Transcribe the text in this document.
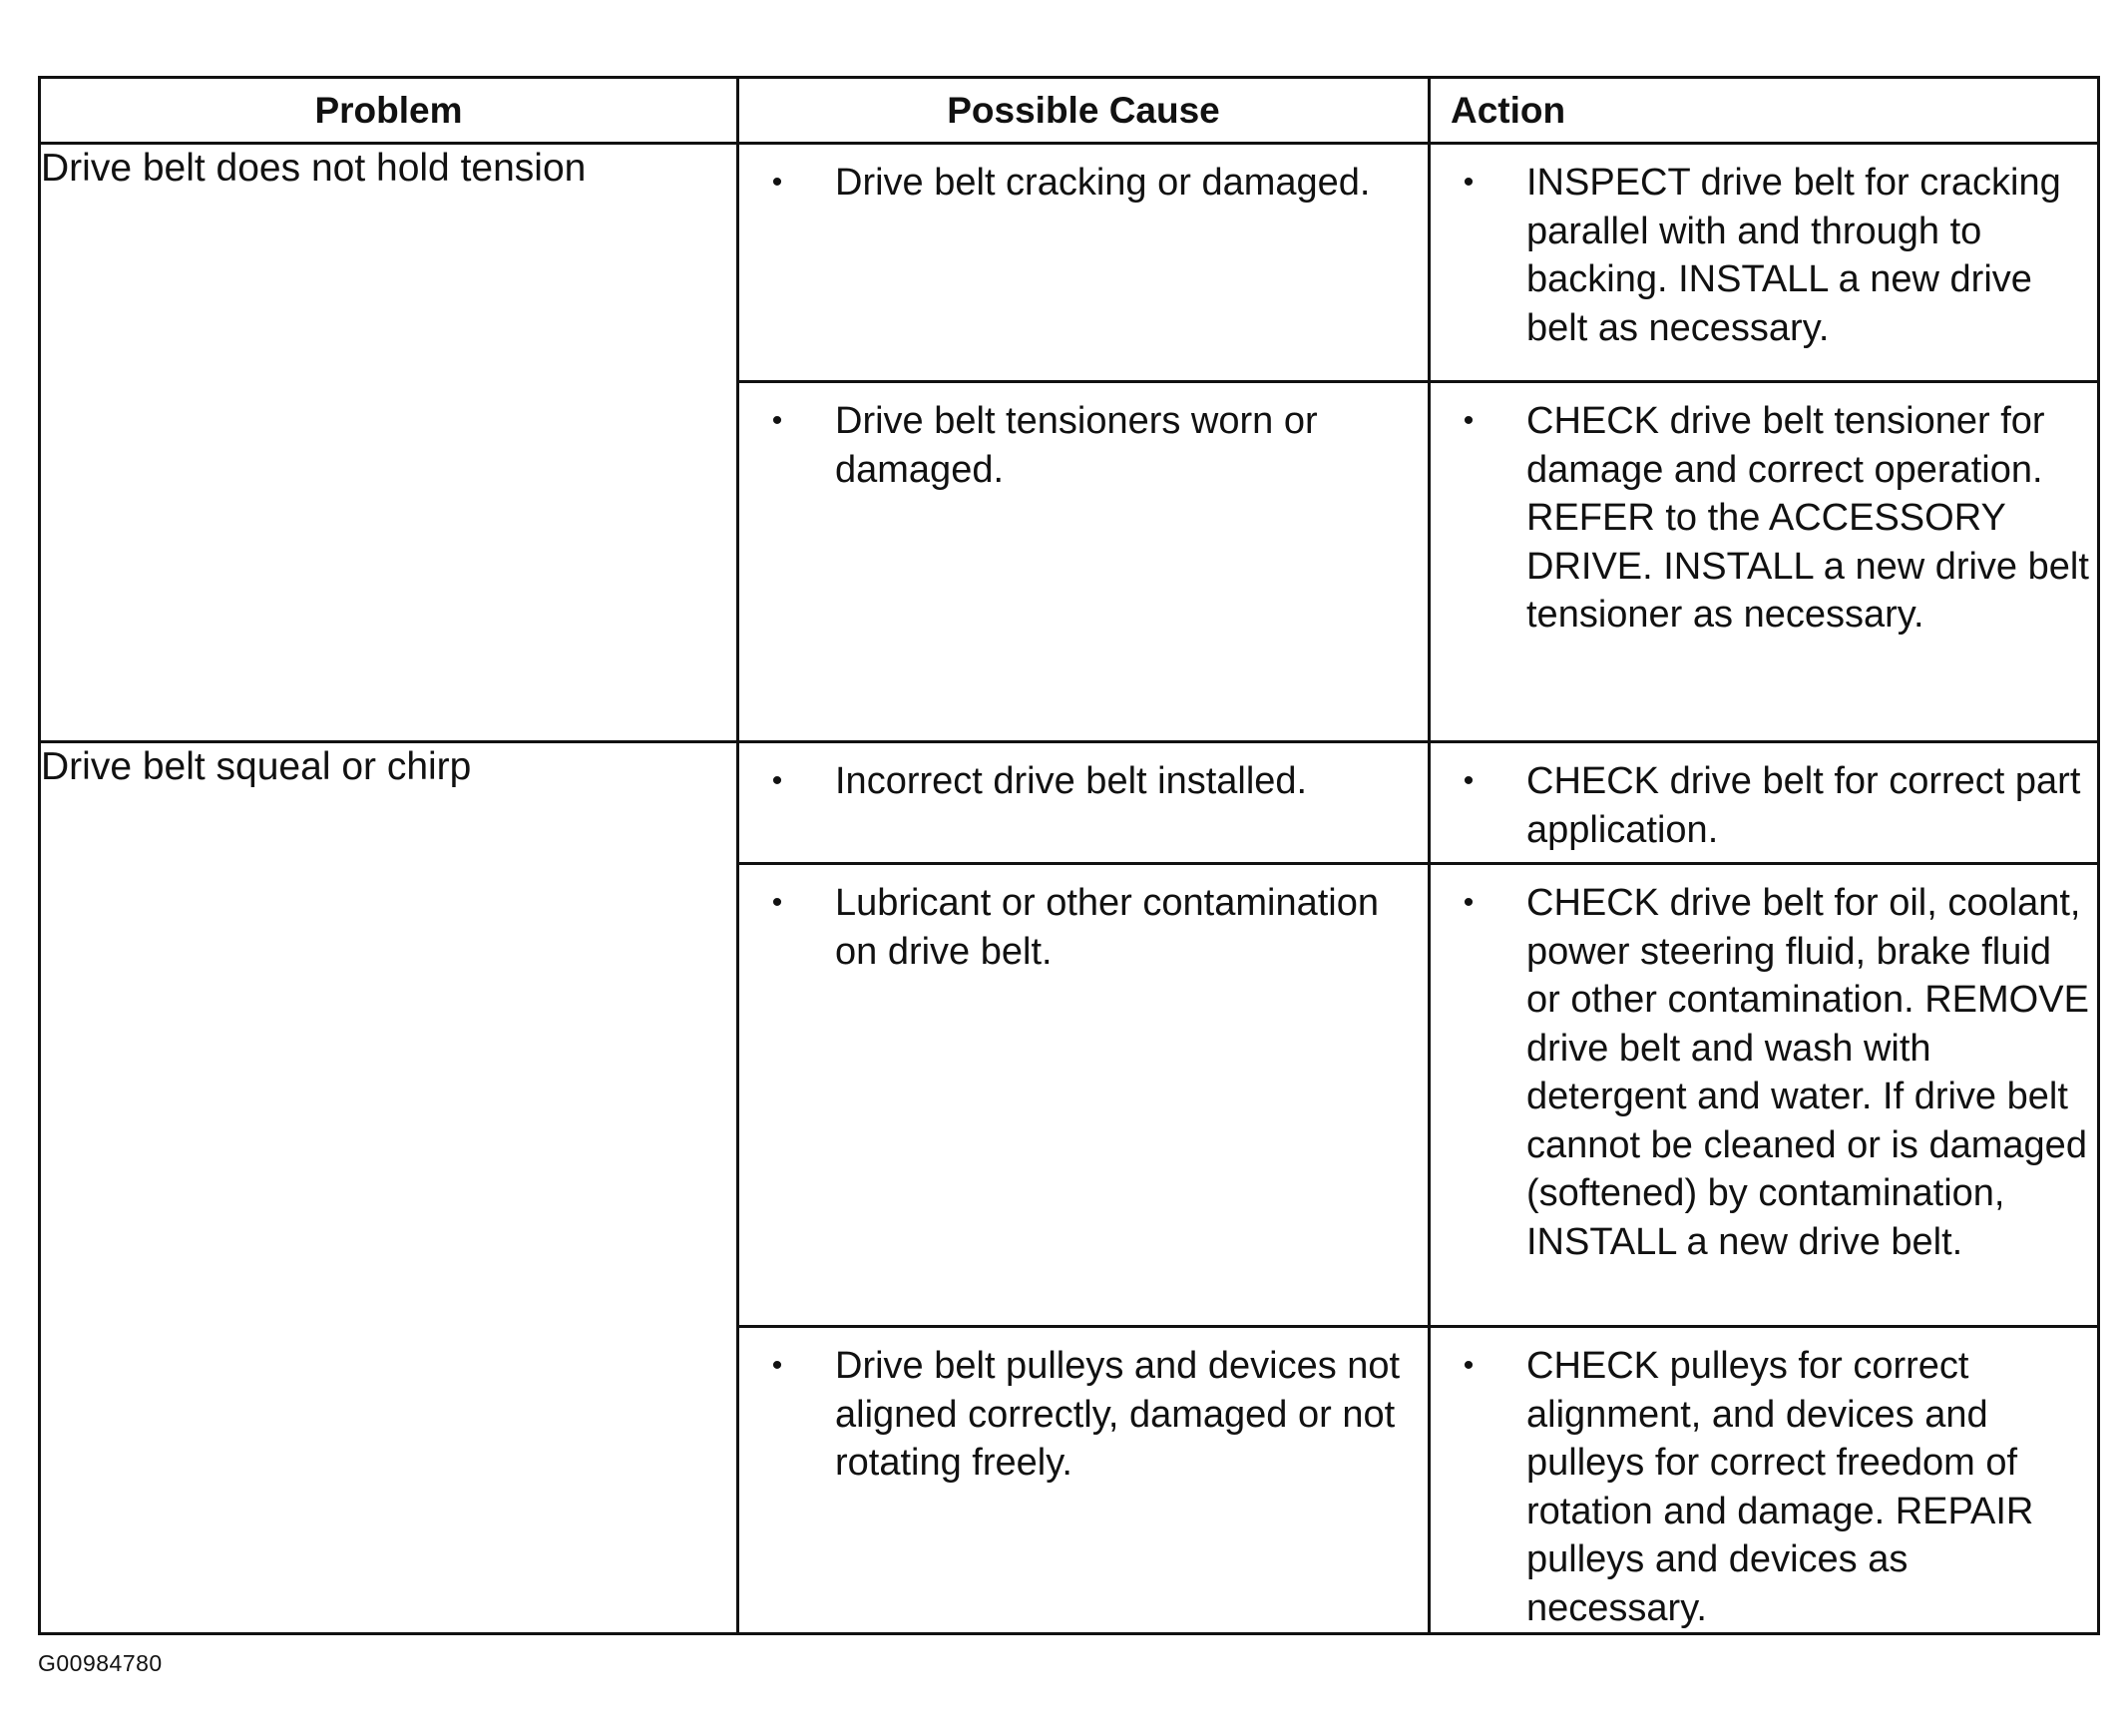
Problem	Possible Cause	Action
Drive belt does not hold tension	• Drive belt cracking or damaged.	• INSPECT drive belt for cracking parallel with and through to backing. INSTALL a new drive belt as necessary.

	• Drive belt tensioners worn or damaged.	• CHECK drive belt tensioner for damage and correct operation. REFER to the ACCESSORY DRIVE. INSTALL a new drive belt tensioner as necessary.

Drive belt squeal or chirp	• Incorrect drive belt installed.	• CHECK drive belt for correct part application.

	• Lubricant or other contamination on drive belt.	• CHECK drive belt for oil, coolant, power steering fluid, brake fluid or other contamination. REMOVE drive belt and wash with detergent and water. If drive belt cannot be cleaned or is damaged (softened) by contamination, INSTALL a new drive belt.

	• Drive belt pulleys and devices not aligned correctly, damaged or not rotating freely.	• CHECK pulleys for correct alignment, and devices and pulleys for correct freedom of rotation and damage. REPAIR pulleys and devices as necessary.
G00984780
